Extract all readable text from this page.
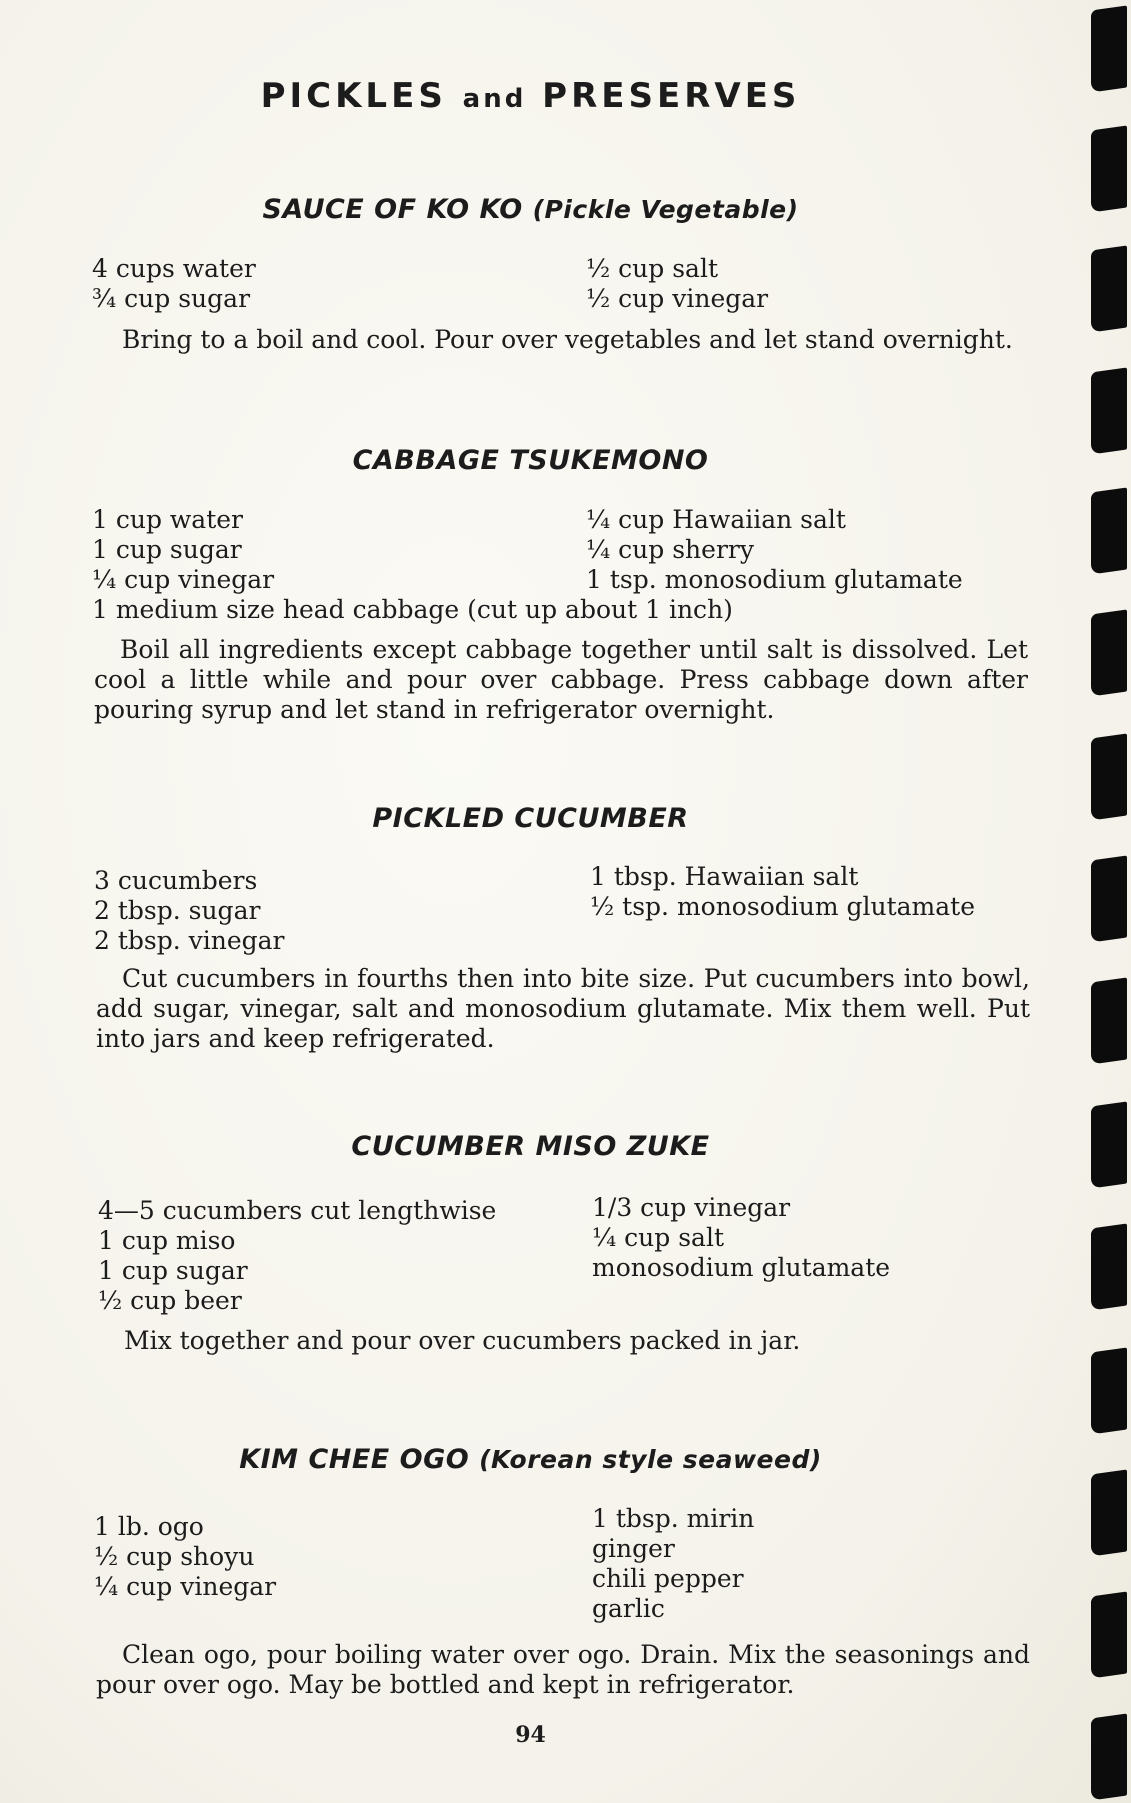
PICKLES and PRESERVES
SAUCE OF KO KO (Pickle Vegetable)
4 cups water
¾ cup sugar
½ cup salt
½ cup vinegar
Bring to a boil and cool. Pour over vegetables and let stand overnight.
CABBAGE TSUKEMONO
1 cup water
1 cup sugar
¼ cup vinegar
1 medium size head cabbage (cut up about 1 inch)
¼ cup Hawaiian salt
¼ cup sherry
1 tsp. monosodium glutamate
Boil all ingredients except cabbage together until salt is dissolved. Let cool a little while and pour over cabbage. Press cabbage down after pouring syrup and let stand in refrigerator overnight.
PICKLED CUCUMBER
3 cucumbers
2 tbsp. sugar
2 tbsp. vinegar
1 tbsp. Hawaiian salt
½ tsp. monosodium glutamate
Cut cucumbers in fourths then into bite size. Put cucumbers into bowl, add sugar, vinegar, salt and monosodium glutamate. Mix them well. Put into jars and keep refrigerated.
CUCUMBER MISO ZUKE
4—5 cucumbers cut lengthwise
1 cup miso
1 cup sugar
½ cup beer
1/3 cup vinegar
¼ cup salt
monosodium glutamate
Mix together and pour over cucumbers packed in jar.
KIM CHEE OGO (Korean style seaweed)
1 lb. ogo
½ cup shoyu
¼ cup vinegar
1 tbsp. mirin
ginger
chili pepper
garlic
Clean ogo, pour boiling water over ogo. Drain. Mix the seasonings and pour over ogo. May be bottled and kept in refrigerator.
94
